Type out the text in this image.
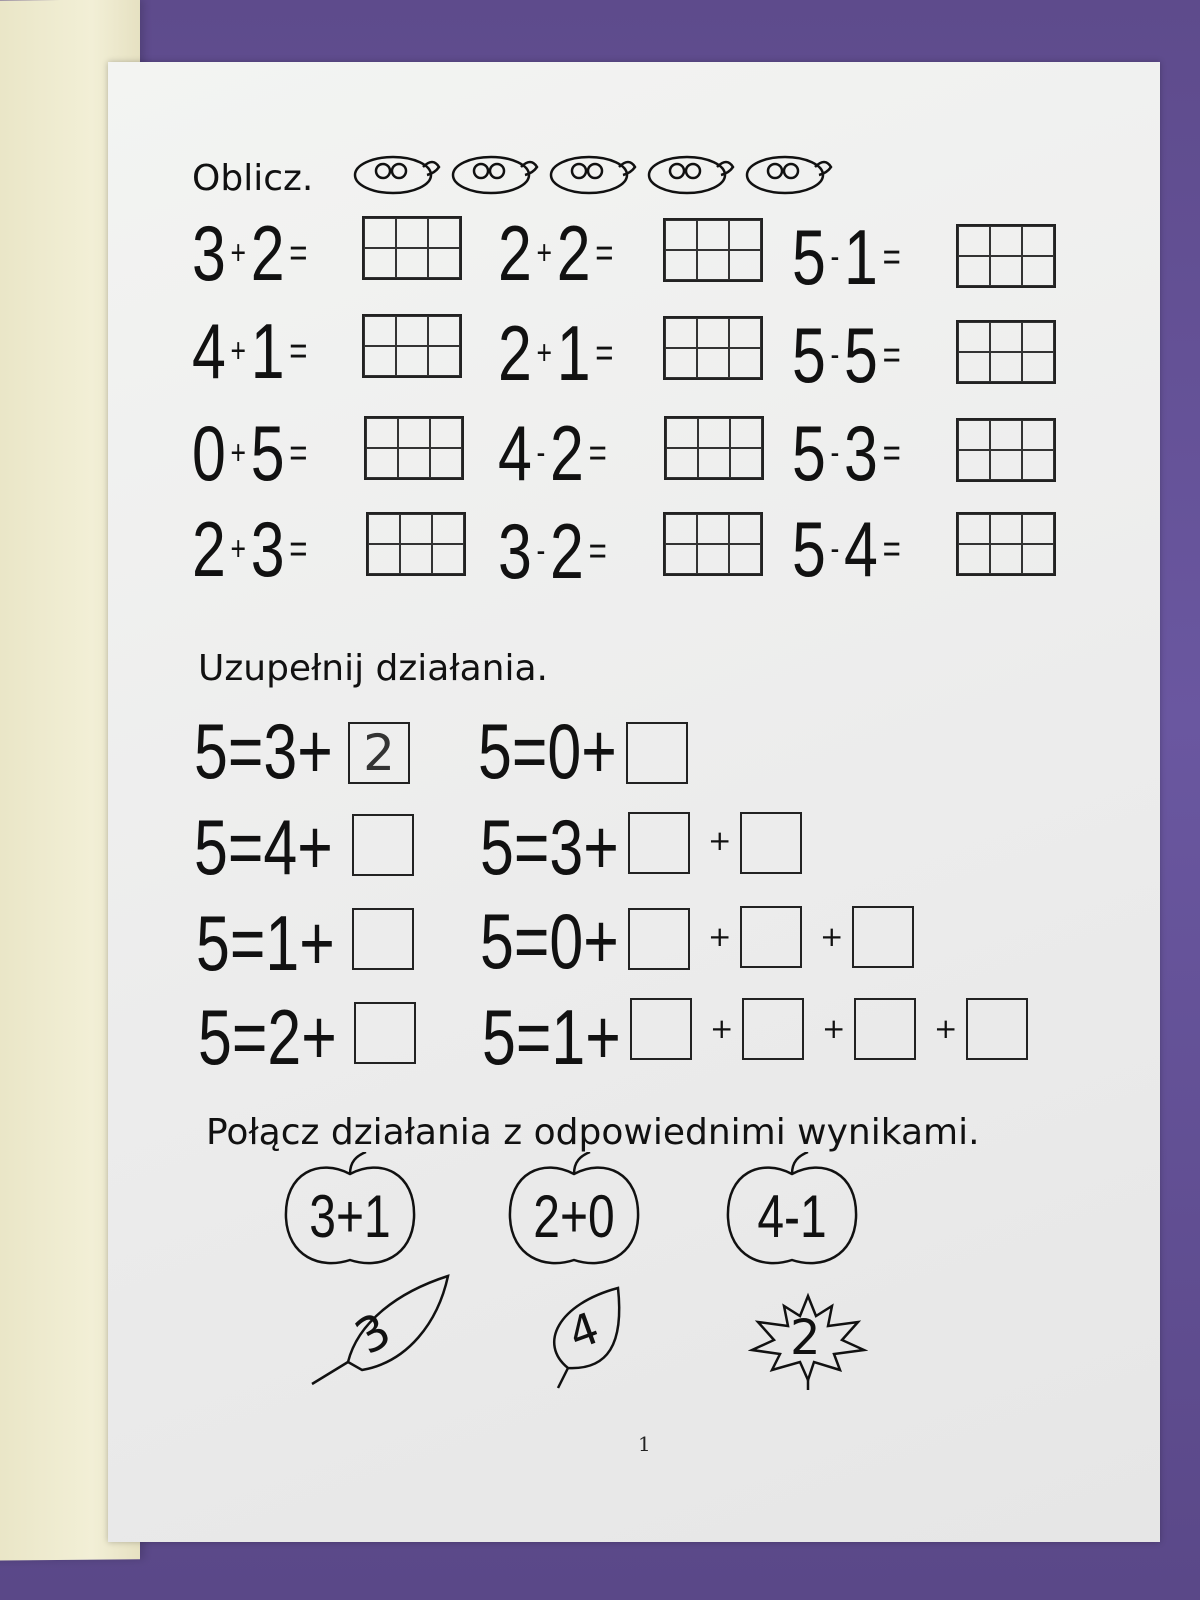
Oblicz.
3 + 2 = 2 + 2 = 5 - 1 =
4 + 1 = 2 + 1 = 5 - 5 =
0 + 5 = 4 - 2 = 5 - 3 =
2 + 3 = 3 - 2 = 5 - 4 =
Uzupełnij działania.
5=3+ 2 5=0+
5=4+ 5=3+	+
5=1+ 5=0+	+	+
5=2+ 5=1+	+	+	+
Połącz działania z odpowiednimi wynikami.
3+1 2+0	4-1
3	4	2
1
